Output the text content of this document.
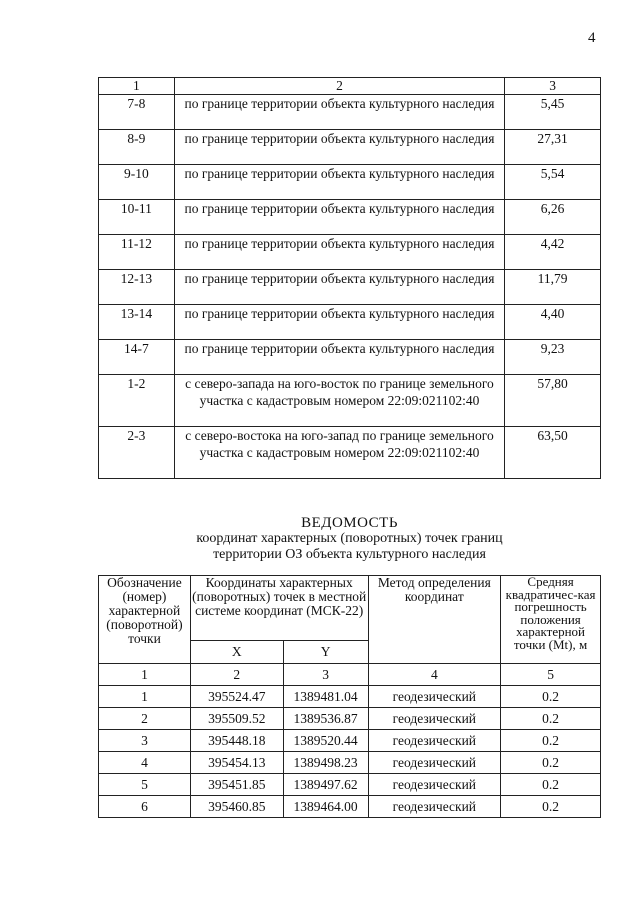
4
1	2	3
7-8	по границе территории объекта культурного наследия	5,45
8-9	по границе территории объекта культурного наследия	27,31
9-10	по границе территории объекта культурного наследия	5,54
10-11	по границе территории объекта культурного наследия	6,26
11-12	по границе территории объекта культурного наследия	4,42
12-13	по границе территории объекта культурного наследия	11,79
13-14	по границе территории объекта культурного наследия	4,40
14-7	по границе территории объекта культурного наследия	9,23
1-2	с северо-запада на юго-восток по границе земельного участка с кадастровым номером 22:09:021102:40	57,80
2-3	с северо-востока на юго-запад по границе земельного участка с кадастровым номером 22:09:021102:40	63,50
ВЕДОМОСТЬ
координат характерных (поворотных) точек границ
территории ОЗ объекта культурного наследия
Обозначение (номер) характерной (поворотной) точки	Координаты характерных (поворотных) точек в местной системе координат (МСК-22)		Метод определения координат	Средняя квадратичес-кая погрешность положения характерной точки (Mt), м
	X	Y		
1	2	3	4	5
1	395524.47	1389481.04	геодезический	0.2
2	395509.52	1389536.87	геодезический	0.2
3	395448.18	1389520.44	геодезический	0.2
4	395454.13	1389498.23	геодезический	0.2
5	395451.85	1389497.62	геодезический	0.2
6	395460.85	1389464.00	геодезический	0.2
